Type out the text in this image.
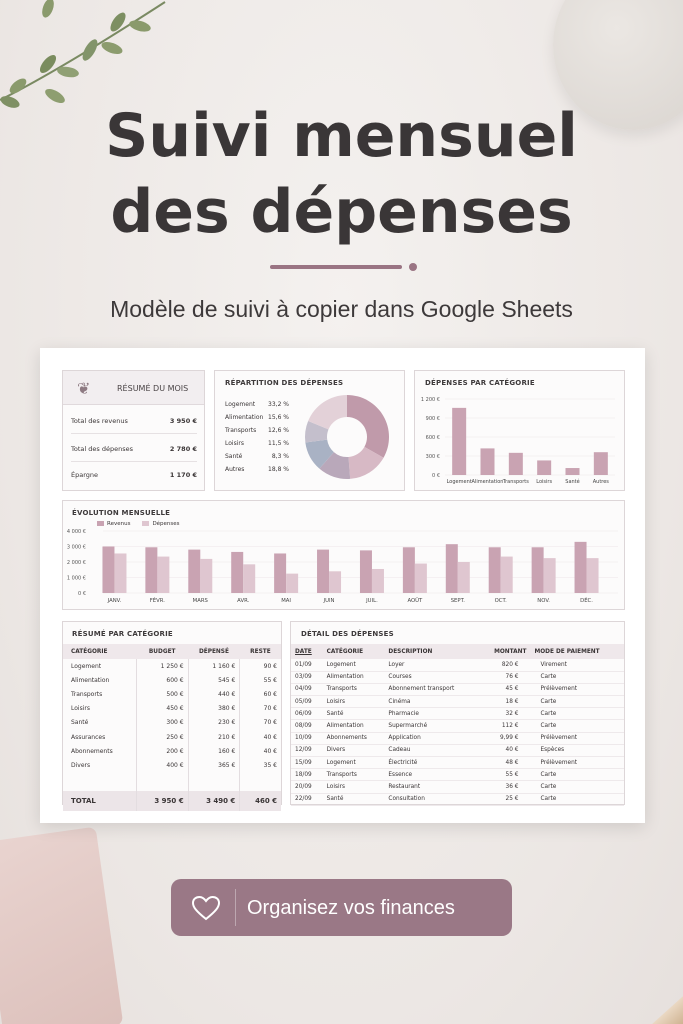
Suivi mensuel
des dépenses
Modèle de suivi à copier dans Google Sheets
❦	RÉSUMÉ DU MOIS
Total des revenus	3 950 €
Total des dépenses	2 780 €
Épargne	1 170 €
RÉPARTITION DES DÉPENSES
Logement 33,2 %
Alimentation 15,6 %
Transports 12,6 %
Loisirs	11,5 %
Santé	8,3 %
Autres	18,8 %
DÉPENSES PAR CATÉGORIE
0 €
300 €
600 €
900 €
1 200 €
Logement Alimentation Transports Loisirs	Santé	Autres
ÉVOLUTION MENSUELLE
Revenus	Dépenses
0 €
1 000 €
2 000 €
3 000 €
4 000 €
JANV.	FÉVR.	MARS	AVR.	MAI	JUIN	JUIL.	AOÛT	SEPT.	OCT.	NOV.	DÉC.
RÉSUMÉ PAR CATÉGORIE
CATÉGORIE	BUDGET	DÉPENSÉ	RESTE
Logement	1 250 €	1 160 €	90 €
Alimentation	600 €	545 €	55 €
Transports	500 €	440 €	60 €
Loisirs	450 €	380 €	70 €
Santé	300 €	230 €	70 €
Assurances	250 €	210 €	40 €
Abonnements	200 €	160 €	40 €
Divers	400 €	365 €	35 €

TOTAL	3 950 €	3 490 €	460 €
DÉTAIL DES DÉPENSES
DATE	CATÉGORIE	DESCRIPTION	MONTANT	MODE DE PAIEMENT
01/09	Logement	Loyer	820 €	Virement
03/09	Alimentation	Courses	76 €	Carte
04/09	Transports	Abonnement transport	45 €	Prélèvement
05/09	Loisirs	Cinéma	18 €	Carte
06/09	Santé	Pharmacie	32 €	Carte
08/09	Alimentation	Supermarché	112 €	Carte
10/09	Abonnements	Application	9,99 €	Prélèvement
12/09	Divers	Cadeau	40 €	Espèces
15/09	Logement	Électricité	48 €	Prélèvement
18/09	Transports	Essence	55 €	Carte
20/09	Loisirs	Restaurant	36 €	Carte
22/09	Santé	Consultation	25 €	Carte
Organisez vos finances
